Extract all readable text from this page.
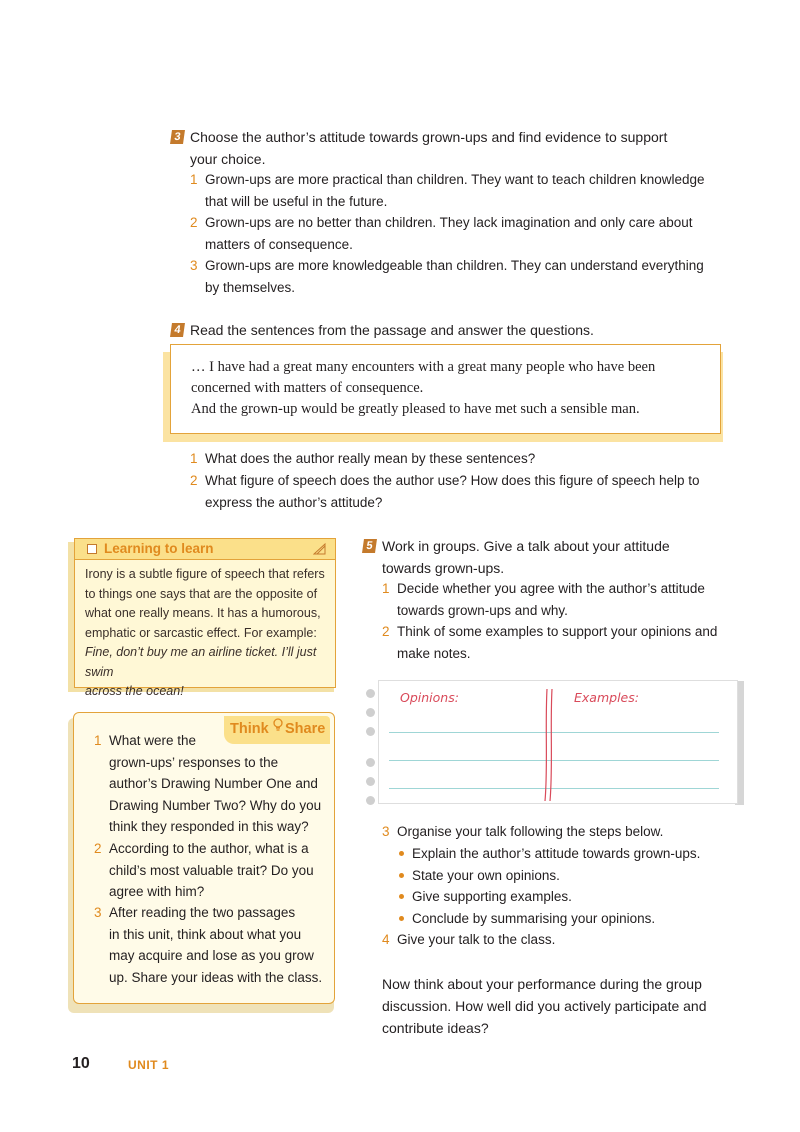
3 Choose the author’s attitude towards grown-ups and find evidence to support
your choice.
1 Grown-ups are more practical than children. They want to teach children knowledge
that will be useful in the future.
2 Grown-ups are no better than children. They lack imagination and only care about
matters of consequence.
3 Grown-ups are more knowledgeable than children. They can understand everything
by themselves.
4 Read the sentences from the passage and answer the questions.
… I have had a great many encounters with a great many people who have been
concerned with matters of consequence.
And the grown-up would be greatly pleased to have met such a sensible man.
1 What does the author really mean by these sentences?
2 What figure of speech does the author use? How does this figure of speech help to
express the author’s attitude?
Learning to learn
Irony is a subtle figure of speech that refers
to things one says that are the opposite of
what one really means. It has a humorous,
emphatic or sarcastic effect. For example:
Fine, don’t buy me an airline ticket. I’ll just swim
across the ocean!
Think Share
1 What were the
grown-ups’ responses to the
author’s Drawing Number One and
Drawing Number Two? Why do you
think they responded in this way?
2 According to the author, what is a
child’s most valuable trait? Do you
agree with him?
3 After reading the two passages
in this unit, think about what you
may acquire and lose as you grow
up. Share your ideas with the class.
5 Work in groups. Give a talk about your attitude
towards grown-ups.
1 Decide whether you agree with the author’s attitude
towards grown-ups and why.
2 Think of some examples to support your opinions and
make notes.
Opinions:	Examples:
3 Organise your talk following the steps below.
Explain the author’s attitude towards grown-ups.
State your own opinions.
Give supporting examples.
Conclude by summarising your opinions.
4 Give your talk to the class.
Now think about your performance during the group
discussion. How well did you actively participate and
contribute ideas?
10	UNIT 1
